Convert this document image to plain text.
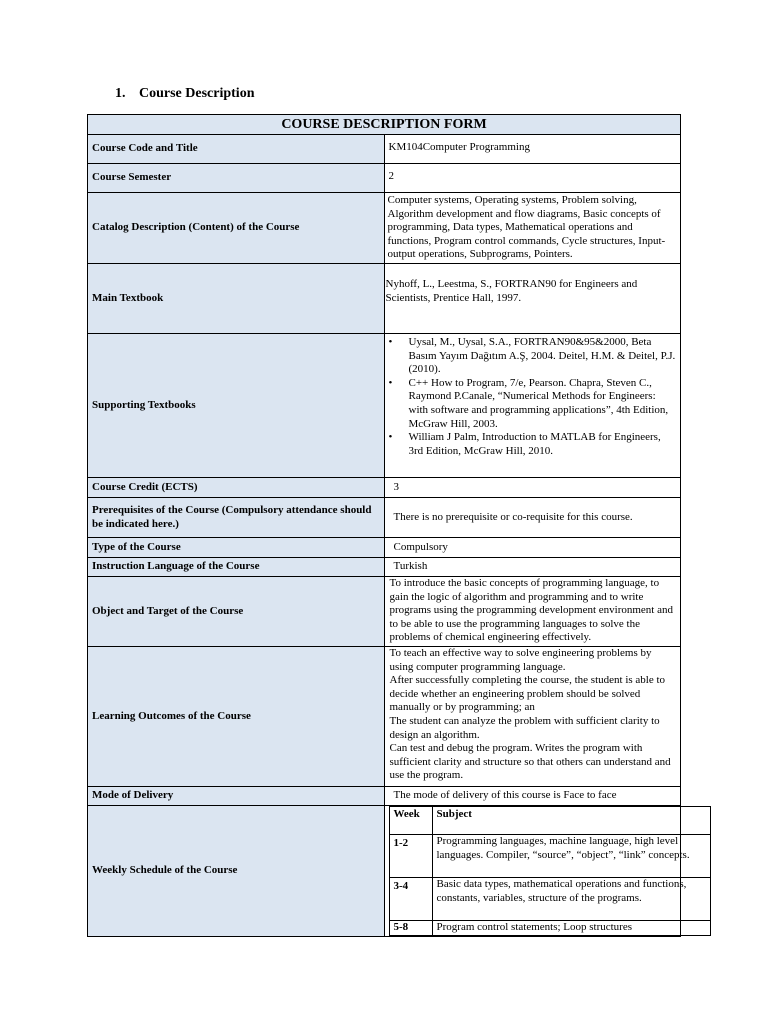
1. Course Description
COURSE DESCRIPTION FORM
Course Code and Title	KM104Computer Programming
Course Semester	2
Catalog Description (Content) of the Course	Computer systems, Operating systems, Problem solving, Algorithm development and flow diagrams, Basic concepts of programming, Data types, Mathematical operations and functions, Program control commands, Cycle structures, Input-output operations, Subprograms, Pointers.
Main Textbook	Nyhoff, L., Leestma, S., FORTRAN90 for Engineers and Scientists, Prentice Hall, 1997.
Supporting Textbooks	
• Uysal, M., Uysal, S.A., FORTRAN90&95&2000, Beta Basım Yayım Dağıtım A.Ş, 2004. Deitel, H.M. & Deitel, P.J. (2010).
• C++ How to Program, 7/e, Pearson. Chapra, Steven C., Raymond P.Canale, “Numerical Methods for Engineers: with software and programming applications”, 4th Edition, McGraw Hill, 2003.
• William J Palm, Introduction to MATLAB for Engineers, 3rd Edition, McGraw Hill, 2010.

Course Credit (ECTS)	3
Prerequisites of the Course (Compulsory attendance should be indicated here.)	There is no prerequisite or co-requisite for this course.
Type of the Course	Compulsory
Instruction Language of the Course	Turkish
Object and Target of the Course	To introduce the basic concepts of programming language, to gain the logic of algorithm and programming and to write programs using the programming development environment and to be able to use the programming languages to solve the problems of chemical engineering effectively.
Learning Outcomes of the Course	
To teach an effective way to solve engineering problems by using computer programming language.
After successfully completing the course, the student is able to decide whether an engineering problem should be solved manually or by programming; an
The student can analyze the problem with sufficient clarity to design an algorithm.
Can test and debug the program. Writes the program with sufficient clarity and structure so that others can understand and use the program.

Mode of Delivery	The mode of delivery of this course is Face to face
Weekly Schedule of the Course	
Week	Subject
1-2	Programming languages, machine language, high level languages. Compiler, “source”, “object”, “link” concepts.
3-4	Basic data types, mathematical operations and functions, constants, variables, structure of the programs.
5-8	Program control statements; Loop structures
